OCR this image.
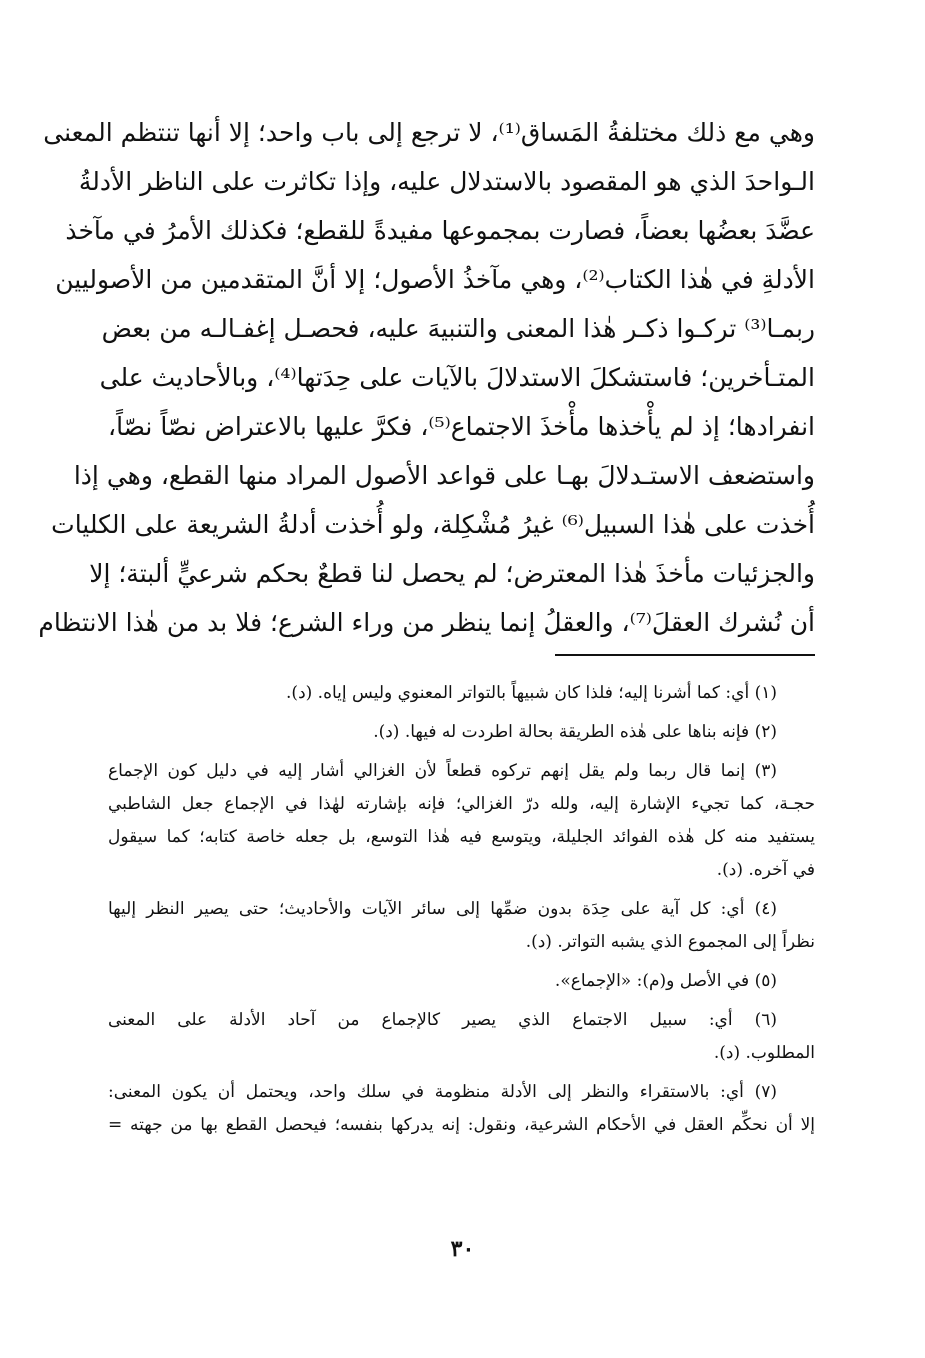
وهي مع ذلك مختلفةُ المَساق⁽¹⁾، لا ترجع إلى باب واحد؛ إلا أنها تنتظم المعنى
الـواحدَ الذي هو المقصود بالاستدلال عليه، وإذا تكاثرت على الناظر الأدلةُ
عضَّدَ بعضُها بعضاً، فصارت بمجموعها مفيدةً للقطع؛ فكذلك الأمرُ في مآخذ
الأدلةِ في هٰذا الكتاب⁽²⁾، وهي مآخذُ الأصول؛ إلا أنَّ المتقدمين من الأصوليين
ربمـا⁽³⁾ تركـوا ذكـر هٰذا المعنى والتنبيهَ عليه، فحصـل إغفـالـه من بعض
المتـأخرين؛ فاستشكلَ الاستدلالَ بالآيات على حِدَتها⁽⁴⁾، وبالأحاديث على
انفرادها؛ إذ لم يأْخذها مأْخذَ الاجتماع⁽⁵⁾، فكرَّ عليها بالاعتراض نصّاً نصّاً،
واستضعف الاستـدلالَ بهـا على قواعد الأصول المراد منها القطع، وهي إذا
أُخذت على هٰذا السبيل⁽⁶⁾ غيرُ مُشْكِلة، ولو أُخذت أدلةُ الشريعة على الكليات
والجزئيات مأخذَ هٰذا المعترض؛ لم يحصل لنا قطعٌ بحكم شرعيٍّ ألبتة؛ إلا
أن نُشرك العقلَ⁽⁷⁾، والعقلُ إنما ينظر من وراء الشرع؛ فلا بد من هٰذا الانتظام
(١) أي: كما أشرنا إليه؛ فلذا كان شبيهاً بالتواتر المعنوي وليس إياه. (د).
(٢) فإنه بناها على هٰذه الطريقة بحالة اطردت له فيها. (د).
(٣) إنما قال ربما ولم يقل إنهم تركوه قطعاً لأن الغزالي أشار إليه في دليل كون الإجماع
حجـة، كما تجيء الإشارة إليه، ولله درّ الغزالي؛ فإنه بإشارته لهٰذا في الإجماع جعل الشاطبي
يستفيد منه كل هٰذه الفوائد الجليلة، ويتوسع فيه هٰذا التوسع، بل جعله خاصة كتابه؛ كما سيقول
في آخره. (د).
(٤) أي: كل آية على حِدَة بدون ضمِّها إلى سائر الآيات والأحاديث؛ حتى يصير النظر إليها
نظراً إلى المجموع الذي يشبه التواتر. (د).
(٥) في الأصل و(م): «الإجماع».
(٦) أي: سبيل الاجتماع الذي يصير كالإجماع من آحاد الأدلة على المعنى
المطلوب. (د).
(٧) أي: بالاستقراء والنظر إلى الأدلة منظومة في سلك واحد، ويحتمل أن يكون المعنى:
إلا أن نحكِّم العقل في الأحكام الشرعية، ونقول: إنه يدركها بنفسه؛ فيحصل القطع بها من جهته =
٣٠
